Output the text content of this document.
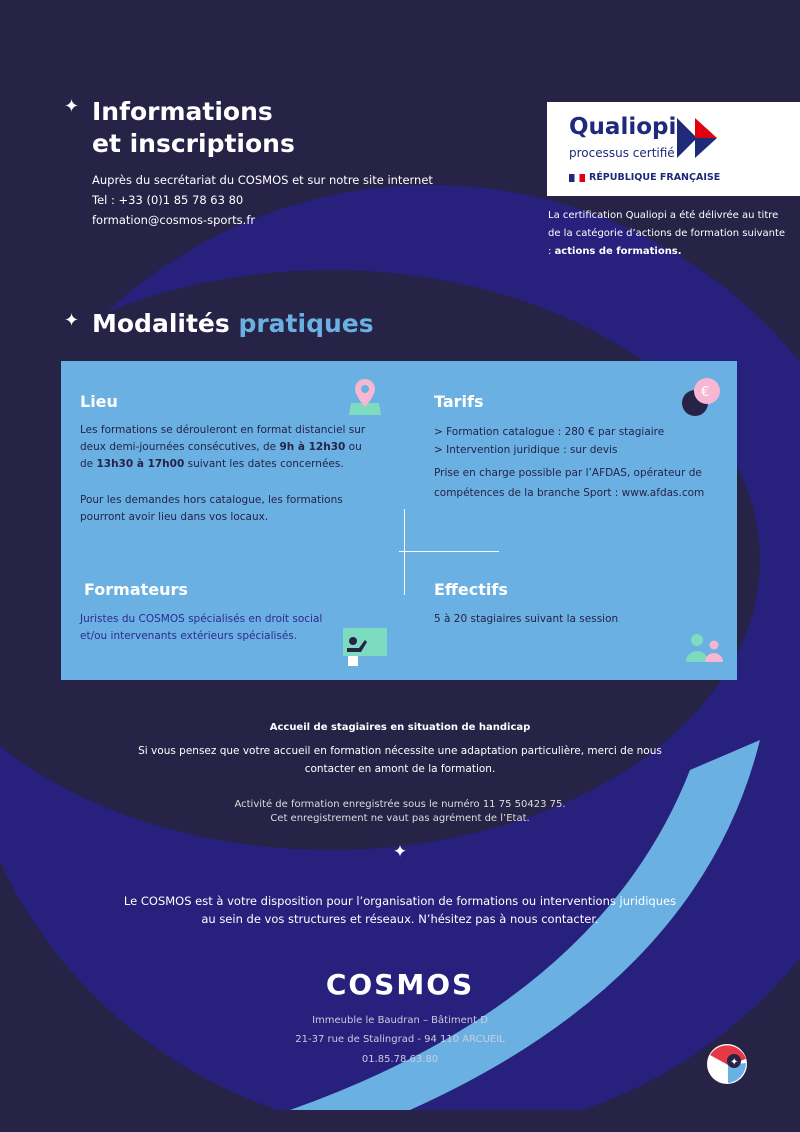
✦ Informations
et inscriptions

Auprès du secrétariat du COSMOS et sur notre site internet

Tel : +33 (0)1 85 78 63 80

formation@cosmos-sports.fr

Qualiopi
processus certifié
RÉPUBLIQUE FRANÇAISE
La certification Qualiopi a été délivrée au titre de la catégorie d’actions de formation suivante : actions de formations.
✦ Modalités pratiques
Lieu

Les formations se dérouleront en format distanciel sur deux demi-journées consécutives, de 9h à 12h30 ou de 13h30 à 17h00 suivant les dates concernées.

Pour les demandes hors catalogue, les formations pourront avoir lieu dans vos locaux.

Tarifs	€

> Formation catalogue : 280 € par stagiaire

> Intervention juridique : sur devis

Prise en charge possible par l’AFDAS, opérateur de compétences de la branche Sport : www.afdas.com

Formateurs

Juristes du COSMOS spécialisés en droit social et/ou intervenants extérieurs spécialisés.

Effectifs

5 à 20 stagiaires suivant la session

Accueil de stagiaires en situation de handicap
Si vous pensez que votre accueil en formation nécessite une adaptation particulière, merci de nous contacter en amont de la formation.
Activité de formation enregistrée sous le numéro 11 75 50423 75.
Cet enregistrement ne vaut pas agrément de l’Etat.
✦
Le COSMOS est à votre disposition pour l’organisation de formations ou interventions juridiques
au sein de vos structures et réseaux. N’hésitez pas à nous contacter.
COSMOS
Immeuble le Baudran – Bâtiment D
21-37 rue de Stalingrad - 94 110 ARCUEIL
01.85.78.63.80	✦
